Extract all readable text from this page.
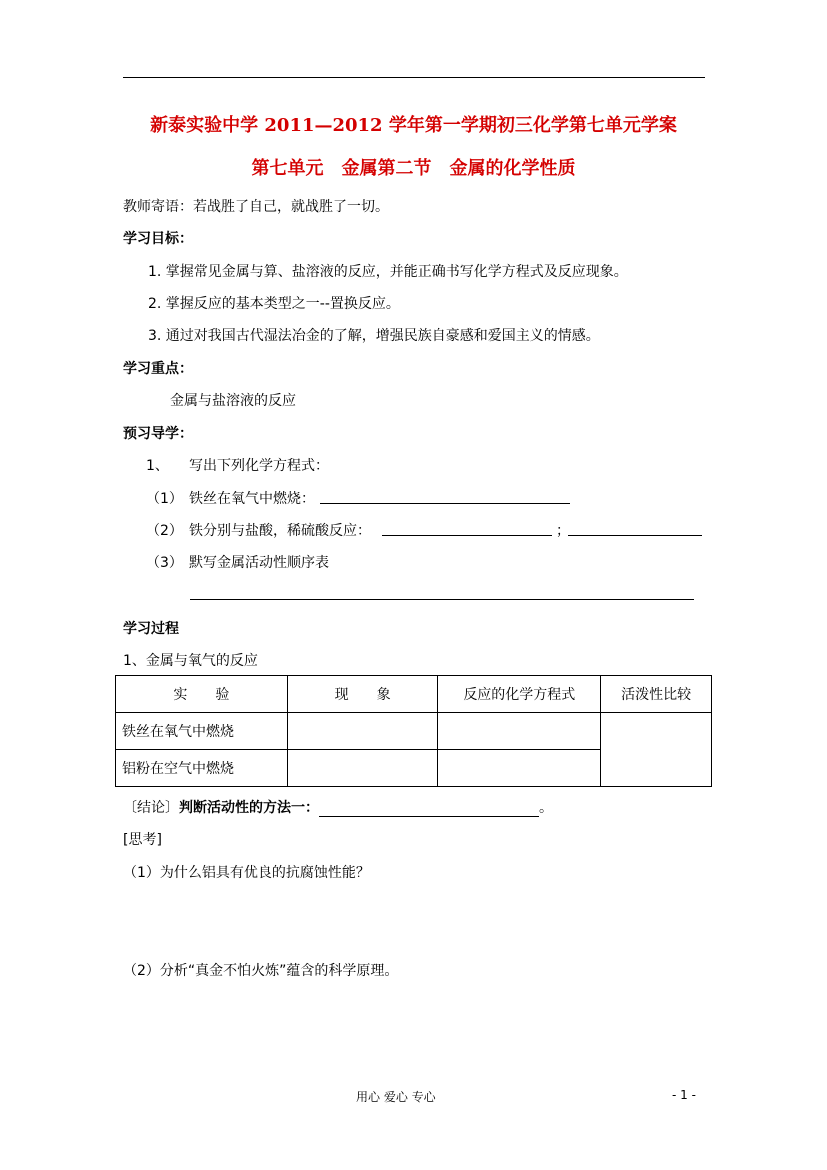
新泰实验中学 2011—2012 学年第一学期初三化学第七单元学案
第七单元　金属第二节　金属的化学性质
教师寄语：若战胜了自己，就战胜了一切。
学习目标：
1. 掌握常见金属与算、盐溶液的反应，并能正确书写化学方程式及反应现象。
2. 掌握反应的基本类型之一--置换反应。
3. 通过对我国古代湿法冶金的了解，增强民族自豪感和爱国主义的情感。
学习重点：
金属与盐溶液的反应
预习导学：
1、 写出下列化学方程式：
（1） 铁丝在氧气中燃烧：
（2） 铁分别与盐酸，稀硫酸反应：	；
（3） 默写金属活动性顺序表
学习过程
1、金属与氧气的反应
实　　验	现　　象	反应的化学方程式	活泼性比较
铁丝在氧气中燃烧			
铝粉在空气中燃烧			
〔结论〕判断活动性的方法一：	。
[思考]
（1）为什么铝具有优良的抗腐蚀性能？
（2）分析“真金不怕火炼”蕴含的科学原理。
用心 爱心 专心	- 1 -
